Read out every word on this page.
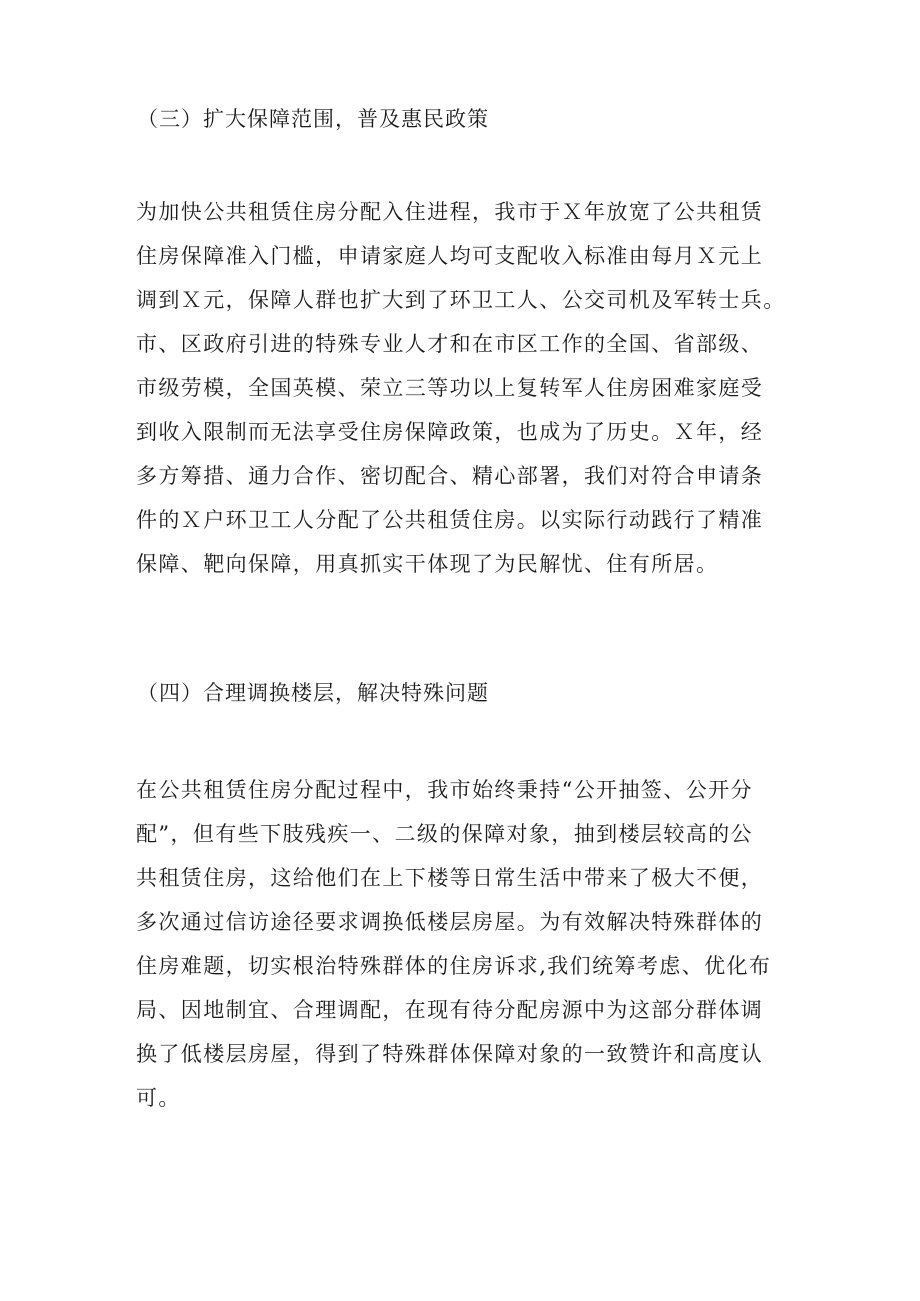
（三）扩大保障范围，普及惠民政策
为加快公共租赁住房分配入住进程，我市于Ｘ年放宽了公共租赁
住房保障准入门槛，申请家庭人均可支配收入标准由每月Ｘ元上
调到Ｘ元，保障人群也扩大到了环卫工人、公交司机及军转士兵。
市、区政府引进的特殊专业人才和在市区工作的全国、省部级、
市级劳模，全国英模、荣立三等功以上复转军人住房困难家庭受
到收入限制而无法享受住房保障政策，也成为了历史。Ｘ年，经
多方筹措、通力合作、密切配合、精心部署，我们对符合申请条
件的Ｘ户环卫工人分配了公共租赁住房。以实际行动践行了精准
保障、靶向保障，用真抓实干体现了为民解忧、住有所居。
（四）合理调换楼层，解决特殊问题
在公共租赁住房分配过程中，我市始终秉持“公开抽签、公开分
配”，但有些下肢残疾一、二级的保障对象，抽到楼层较高的公
共租赁住房，这给他们在上下楼等日常生活中带来了极大不便，
多次通过信访途径要求调换低楼层房屋。为有效解决特殊群体的
住房难题，切实根治特殊群体的住房诉求,我们统筹考虑、优化布
局、因地制宜、合理调配，在现有待分配房源中为这部分群体调
换了低楼层房屋，得到了特殊群体保障对象的一致赞许和高度认
可。
